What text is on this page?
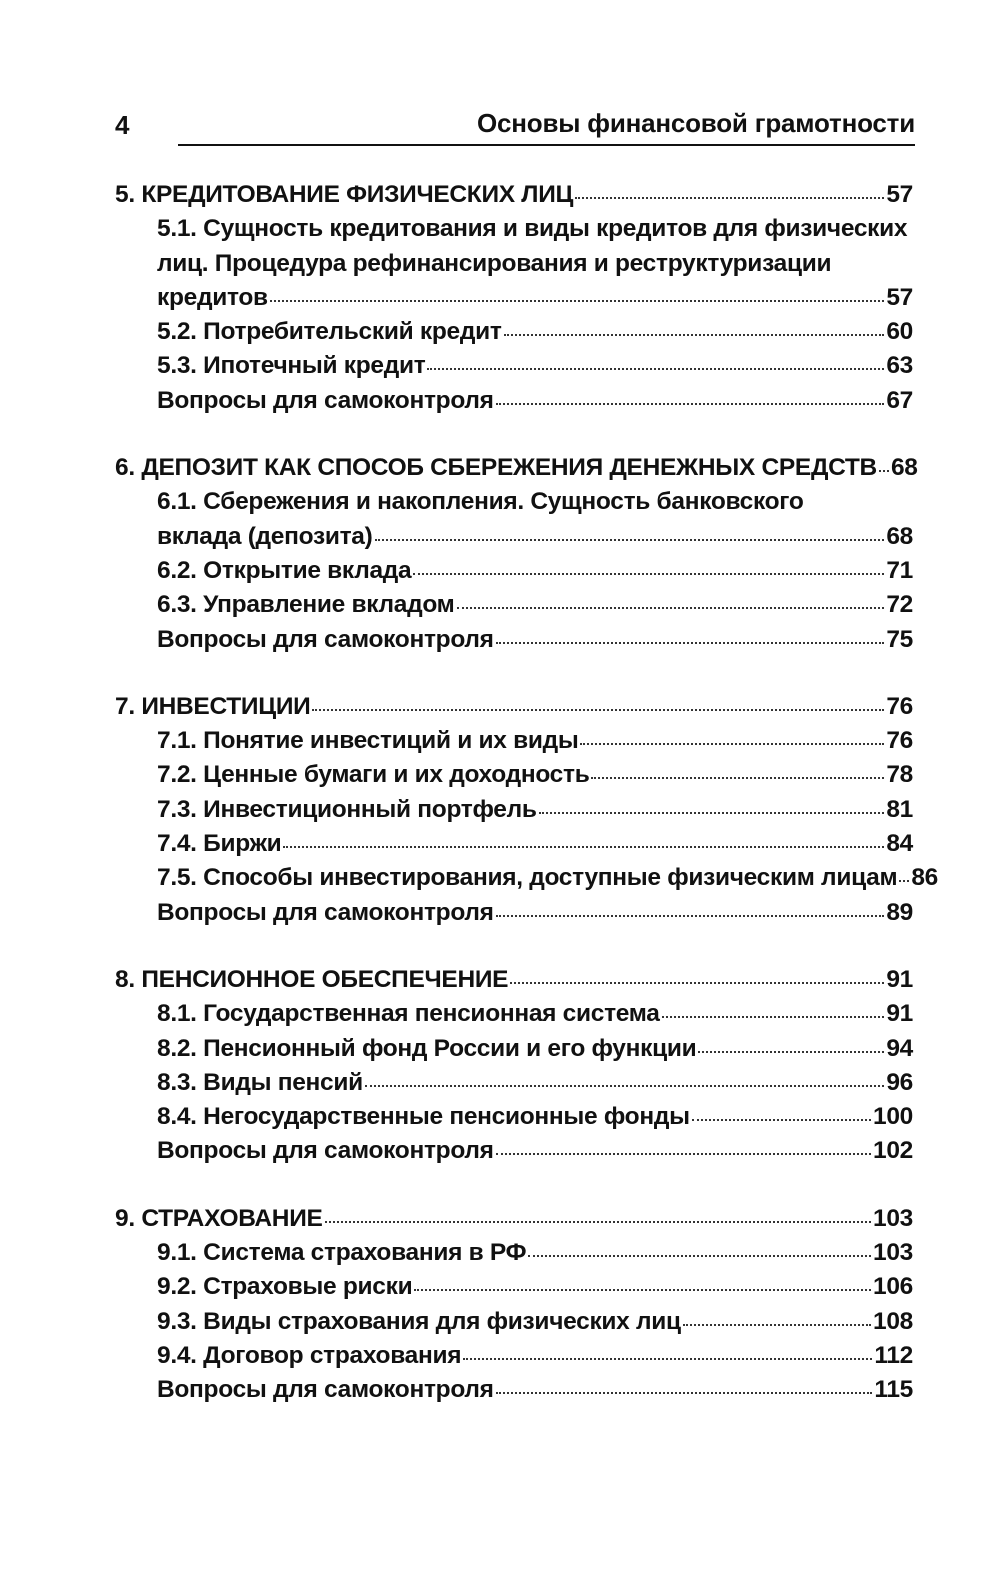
4	Основы финансовой грамотности
5. КРЕДИТОВАНИЕ ФИЗИЧЕСКИХ ЛИЦ	57
5.1. Сущность кредитования и виды кредитов для физических
лиц. Процедура рефинансирования и реструктуризации
кредитов	57
5.2. Потребительский кредит	60
5.3. Ипотечный кредит	63
Вопросы для самоконтроля	67
6. ДЕПОЗИТ КАК СПОСОБ СБЕРЕЖЕНИЯ ДЕНЕЖНЫХ СРЕДСТВ 68
6.1. Сбережения и накопления. Сущность банковского
вклада (депозита)	68
6.2. Открытие вклада	71
6.3. Управление вкладом	72
Вопросы для самоконтроля	75
7. ИНВЕСТИЦИИ	76
7.1. Понятие инвестиций и их виды	76
7.2. Ценные бумаги и их доходность	78
7.3. Инвестиционный портфель	81
7.4. Биржи	84
7.5. Способы инвестирования, доступные физическим лицам 86
Вопросы для самоконтроля	89
8. ПЕНСИОННОЕ ОБЕСПЕЧЕНИЕ	91
8.1. Государственная пенсионная система	91
8.2. Пенсионный фонд России и его функции	94
8.3. Виды пенсий	96
8.4. Негосударственные пенсионные фонды	100
Вопросы для самоконтроля	102
9. СТРАХОВАНИЕ	103
9.1. Система страхования в РФ	103
9.2. Страховые риски	106
9.3. Виды страхования для физических лиц	108
9.4. Договор страхования	112
Вопросы для самоконтроля	115
